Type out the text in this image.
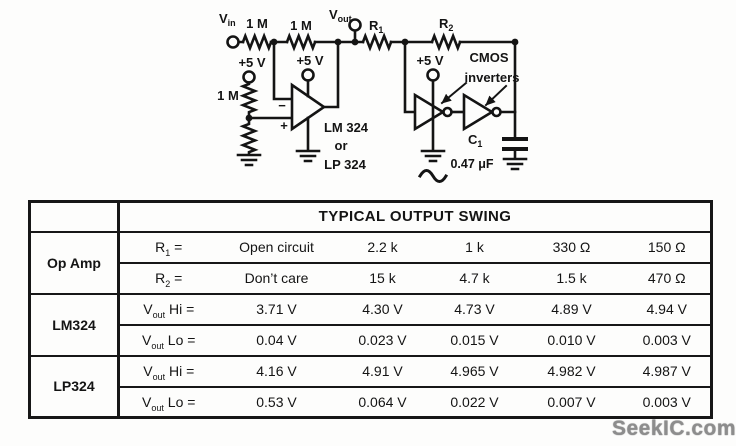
$V_{in}$ 1 M 1 M
$V_{out}$ $R_1$	$R_2$
+5 V
1 M
+5 V
−
+	LM 324
or
LP 324
+5 V CMOS
inverters
$C_1$
0.47 μF
	TYPICAL OUTPUT SWING					
Op Amp	$R_1$ =	Open circuit	2.2 k	1 k	330 Ω	150 Ω
	$R_2$ =	Don’t care	15 k	4.7 k	1.5 k	470 Ω
LM324	$V_{out}$ Hi =	3.71 V	4.30 V	4.73 V	4.89 V	4.94 V
	$V_{out}$ Lo =	0.04 V	0.023 V	0.015 V	0.010 V	0.003 V
LP324	$V_{out}$ Hi =	4.16 V	4.91 V	4.965 V	4.982 V	4.987 V
	$V_{out}$ Lo =	0.53 V	0.064 V	0.022 V	0.007 V	0.003 V
SeekIC.com
